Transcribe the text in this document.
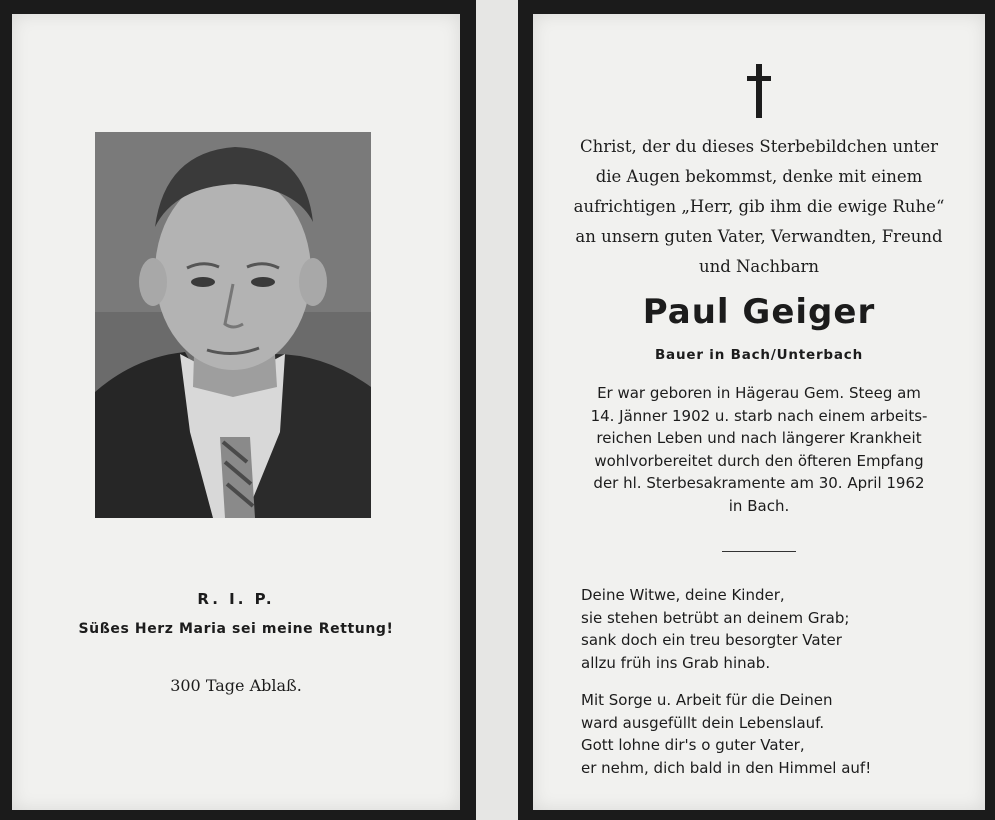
R. I. P.
Süßes Herz Maria sei meine Rettung!
300 Tage Ablaß.
Christ, der du dieses Sterbebildchen unter
die Augen bekommst, denke mit einem
aufrichtigen „Herr, gib ihm die ewige Ruhe“
an unsern guten Vater, Verwandten, Freund
und Nachbarn
Paul Geiger
Bauer in Bach/Unterbach
Er war geboren in Hägerau Gem. Steeg am
14. Jänner 1902 u. starb nach einem arbeits-
reichen Leben und nach längerer Krankheit
wohlvorbereitet durch den öfteren Empfang
der hl. Sterbesakramente am 30. April 1962
in Bach.
Deine Witwe, deine Kinder,
sie stehen betrübt an deinem Grab;
sank doch ein treu besorgter Vater
allzu früh ins Grab hinab.
Mit Sorge u. Arbeit für die Deinen
ward ausgefüllt dein Lebenslauf.
Gott lohne dir's o guter Vater,
er nehm, dich bald in den Himmel auf!
